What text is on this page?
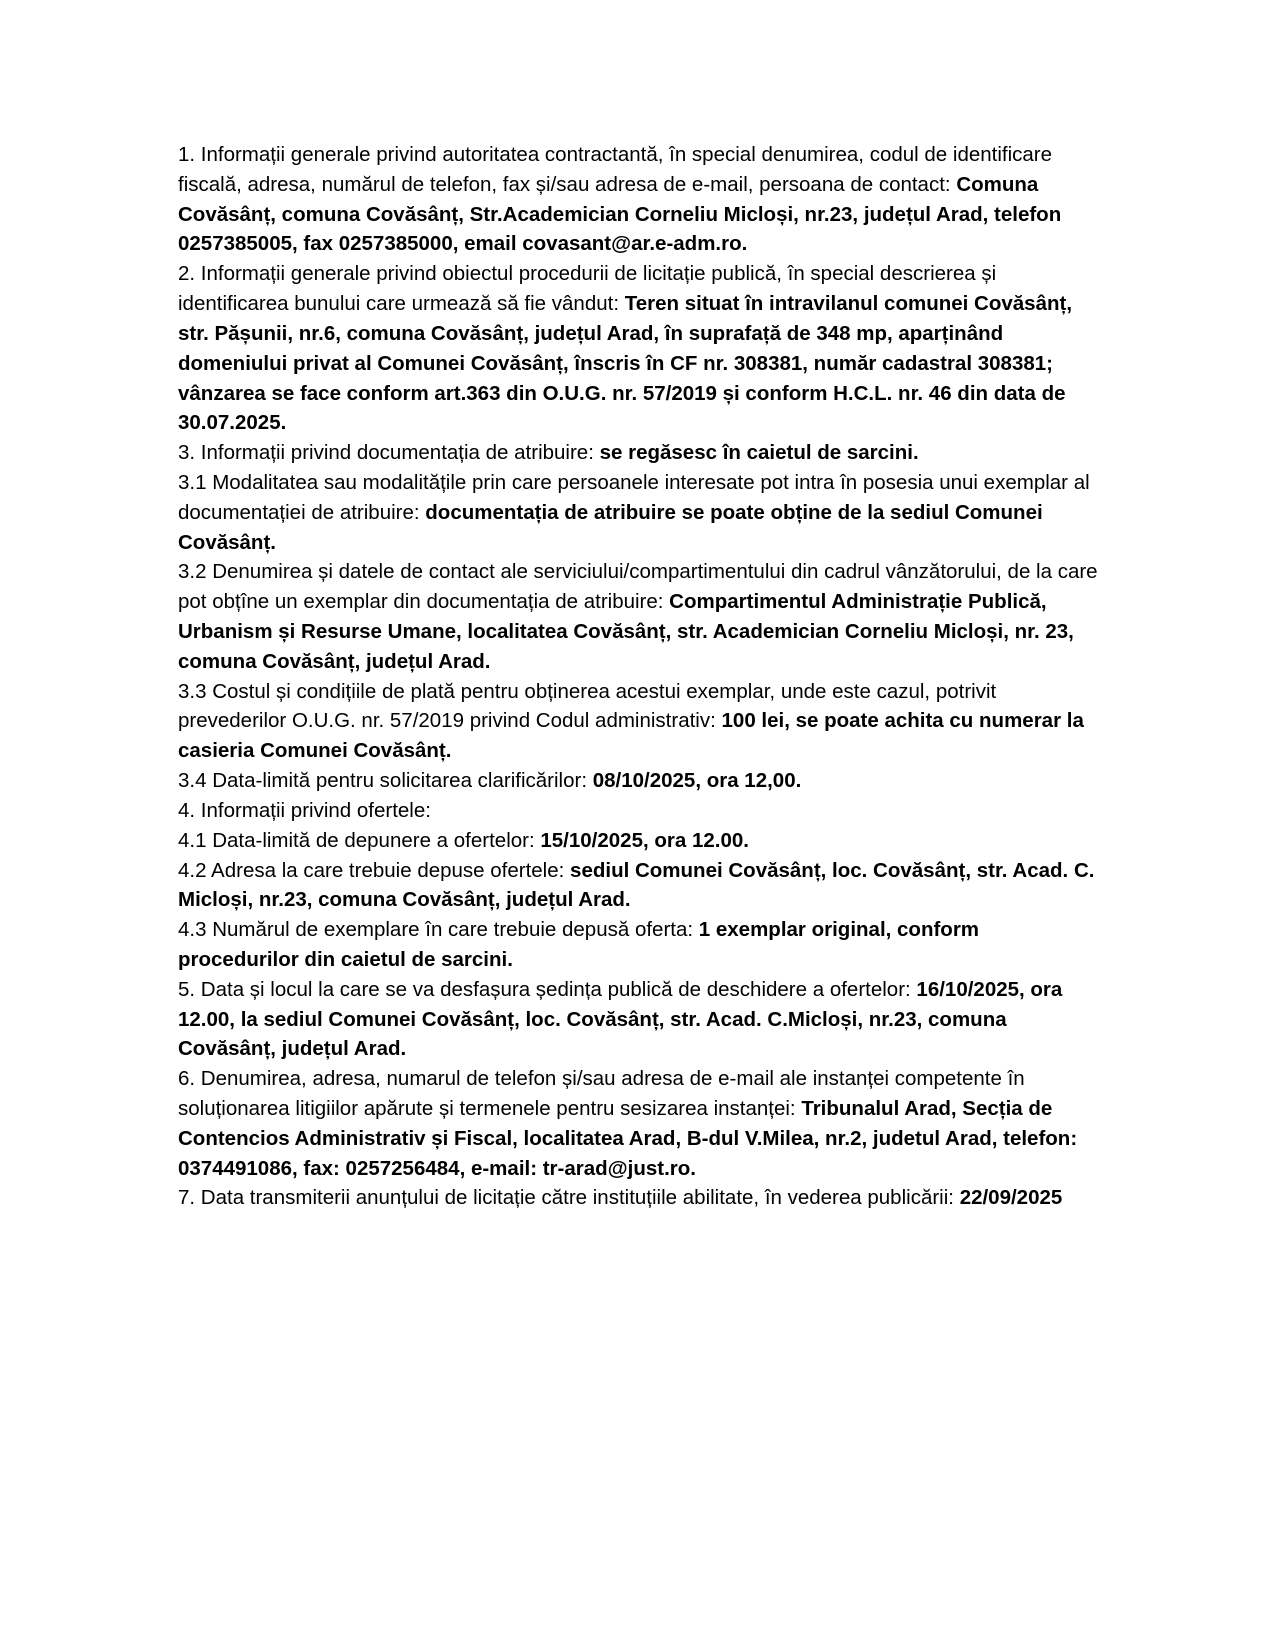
1. Informații generale privind autoritatea contractantă, în special denumirea, codul de identificare fiscală, adresa, numărul de telefon, fax și/sau adresa de e-mail, persoana de contact: Comuna Covăsânț, comuna Covăsânț, Str.Academician Corneliu Micloși, nr.23, județul Arad, telefon 0257385005, fax 0257385000, email covasant@ar.e-adm.ro.

2. Informații generale privind obiectul procedurii de licitație publică, în special descrierea și identificarea bunului care urmează să fie vândut: Teren situat în intravilanul comunei Covăsânț, str. Pășunii, nr.6, comuna Covăsânț, județul Arad, în suprafață de 348 mp, aparținând domeniului privat al Comunei Covăsânț, înscris în CF nr. 308381, număr cadastral 308381; vânzarea se face conform art.363 din O.U.G. nr. 57/2019 și conform H.C.L. nr. 46 din data de 30.07.2025.

3. Informații privind documentația de atribuire: se regăsesc în caietul de sarcini.

3.1 Modalitatea sau modalitățile prin care persoanele interesate pot intra în posesia unui exemplar al documentației de atribuire: documentația de atribuire se poate obține de la sediul Comunei Covăsânț.

3.2 Denumirea și datele de contact ale serviciului/compartimentului din cadrul vânzătorului, de la care pot obțîne un exemplar din documentația de atribuire: Compartimentul Administrație Publică, Urbanism și Resurse Umane, localitatea Covăsânț, str. Academician Corneliu Micloși, nr. 23, comuna Covăsânț, județul Arad.

3.3 Costul și condițiile de plată pentru obținerea acestui exemplar, unde este cazul, potrivit prevederilor O.U.G. nr. 57/2019 privind Codul administrativ: 100 lei, se poate achita cu numerar la casieria Comunei Covăsânț.

3.4 Data-limită pentru solicitarea clarificărilor: 08/10/2025, ora 12,00.

4. Informații privind ofertele:

4.1 Data-limită de depunere a ofertelor: 15/10/2025, ora 12.00.

4.2 Adresa la care trebuie depuse ofertele: sediul Comunei Covăsânț, loc. Covăsânț, str. Acad. C. Micloși, nr.23, comuna Covăsânț, județul Arad.

4.3 Numărul de exemplare în care trebuie depusă oferta: 1 exemplar original, conform procedurilor din caietul de sarcini.

5. Data și locul la care se va desfașura ședința publică de deschidere a ofertelor: 16/10/2025, ora 12.00, la sediul Comunei Covăsânț, loc. Covăsânț, str. Acad. C.Micloși, nr.23, comuna Covăsânț, județul Arad.

6. Denumirea, adresa, numarul de telefon și/sau adresa de e-mail ale instanței competente în soluționarea litigiilor apărute și termenele pentru sesizarea instanței: Tribunalul Arad, Secția de Contencios Administrativ și Fiscal, localitatea Arad, B-dul V.Milea, nr.2, judetul Arad, telefon: 0374491086, fax: 0257256484, e-mail: tr-arad@just.ro.

7. Data transmiterii anunțului de licitație către instituțiile abilitate, în vederea publicării: 22/09/2025
